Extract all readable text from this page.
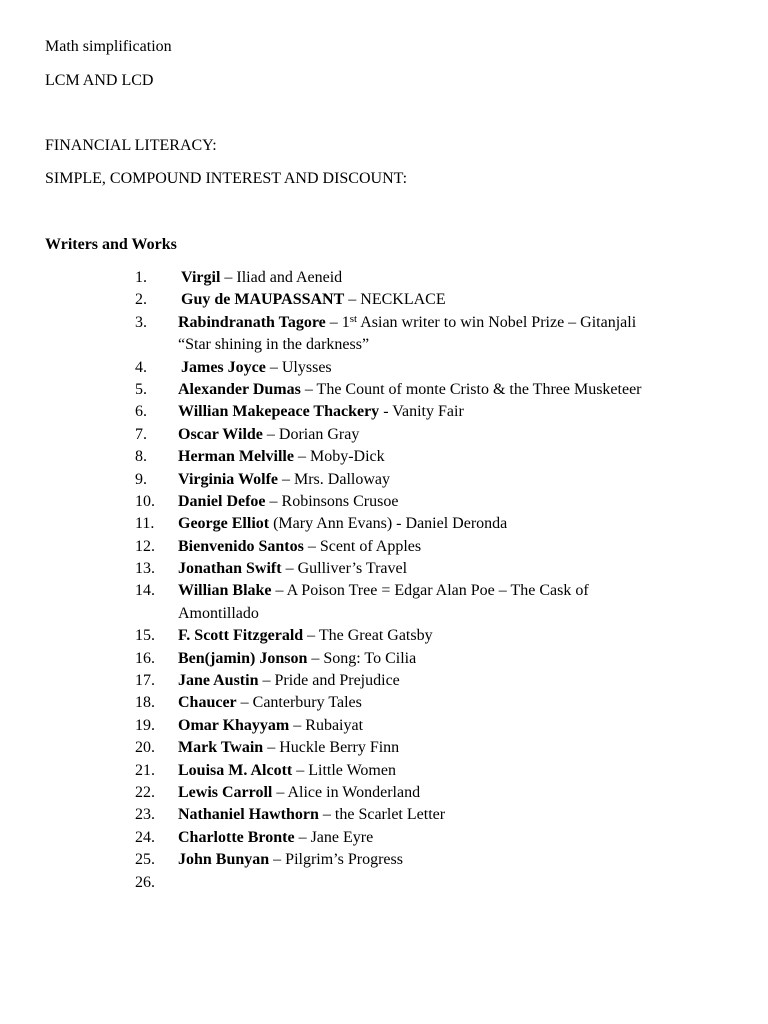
Math simplification
LCM AND LCD
FINANCIAL LITERACY:
SIMPLE, COMPOUND INTEREST AND DISCOUNT:
Writers and Works
1. Virgil – Iliad and Aeneid
2. Guy de MAUPASSANT – NECKLACE
3. Rabindranath Tagore – 1st Asian writer to win Nobel Prize – Gitanjali
“Star shining in the darkness”
4. James Joyce – Ulysses
5. Alexander Dumas – The Count of monte Cristo & the Three Musketeer
6. Willian Makepeace Thackery - Vanity Fair
7. Oscar Wilde – Dorian Gray
8. Herman Melville – Moby-Dick
9. Virginia Wolfe – Mrs. Dalloway
10. Daniel Defoe – Robinsons Crusoe
11. George Elliot (Mary Ann Evans) - Daniel Deronda
12. Bienvenido Santos – Scent of Apples
13. Jonathan Swift – Gulliver’s Travel
14. Willian Blake – A Poison Tree = Edgar Alan Poe – The Cask of Amontillado
15. F. Scott Fitzgerald – The Great Gatsby
16. Ben(jamin) Jonson – Song: To Cilia
17. Jane Austin – Pride and Prejudice
18. Chaucer – Canterbury Tales
19. Omar Khayyam – Rubaiyat
20. Mark Twain – Huckle Berry Finn
21. Louisa M. Alcott – Little Women
22. Lewis Carroll – Alice in Wonderland
23. Nathaniel Hawthorn – the Scarlet Letter
24. Charlotte Bronte – Jane Eyre
25. John Bunyan – Pilgrim’s Progress
26.
